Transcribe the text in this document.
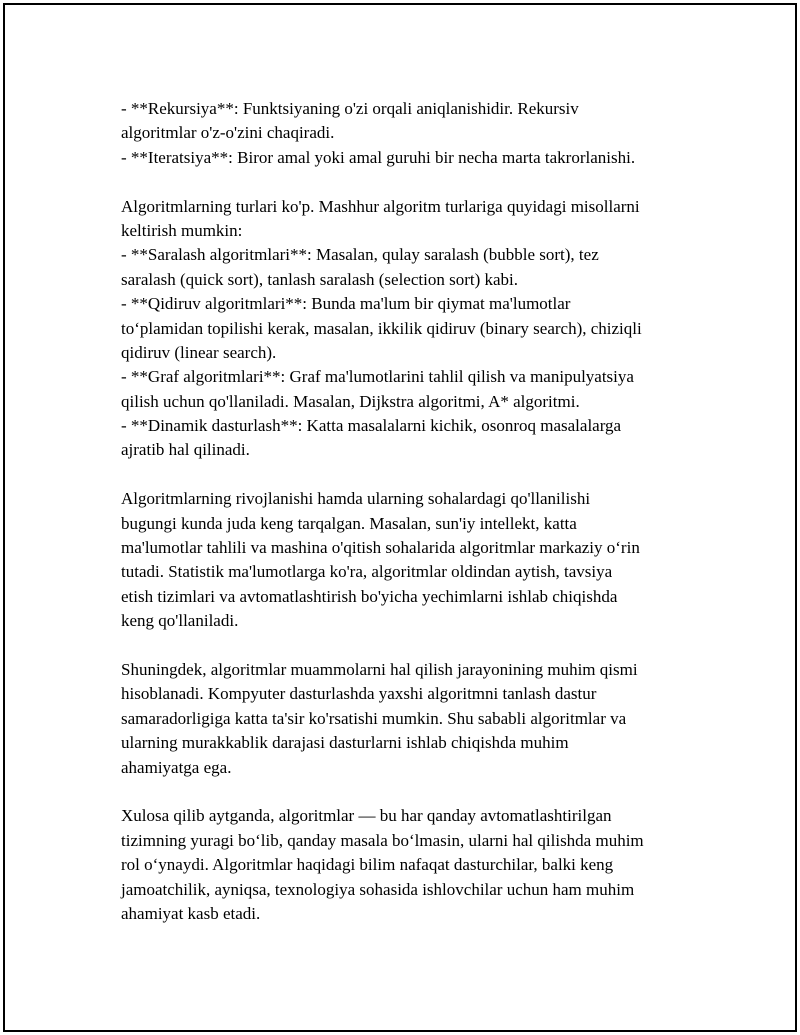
- **Rekursiya**: Funktsiyaning o'zi orqali aniqlanishidir. Rekursiv
algoritmlar o'z-o'zini chaqiradi.
- **Iteratsiya**: Biror amal yoki amal guruhi bir necha marta takrorlanishi.
Algoritmlarning turlari ko'p. Mashhur algoritm turlariga quyidagi misollarni
keltirish mumkin:
- **Saralash algoritmlari**: Masalan, qulay saralash (bubble sort), tez
saralash (quick sort), tanlash saralash (selection sort) kabi.
- **Qidiruv algoritmlari**: Bunda ma'lum bir qiymat ma'lumotlar
to‘plamidan topilishi kerak, masalan, ikkilik qidiruv (binary search), chiziqli
qidiruv (linear search).
- **Graf algoritmlari**: Graf ma'lumotlarini tahlil qilish va manipulyatsiya
qilish uchun qo'llaniladi. Masalan, Dijkstra algoritmi, A* algoritmi.
- **Dinamik dasturlash**: Katta masalalarni kichik, osonroq masalalarga
ajratib hal qilinadi.
Algoritmlarning rivojlanishi hamda ularning sohalardagi qo'llanilishi
bugungi kunda juda keng tarqalgan. Masalan, sun'iy intellekt, katta
ma'lumotlar tahlili va mashina o'qitish sohalarida algoritmlar markaziy o‘rin
tutadi. Statistik ma'lumotlarga ko'ra, algoritmlar oldindan aytish, tavsiya
etish tizimlari va avtomatlashtirish bo'yicha yechimlarni ishlab chiqishda
keng qo'llaniladi.
Shuningdek, algoritmlar muammolarni hal qilish jarayonining muhim qismi
hisoblanadi. Kompyuter dasturlashda yaxshi algoritmni tanlash dastur
samaradorligiga katta ta'sir ko'rsatishi mumkin. Shu sababli algoritmlar va
ularning murakkablik darajasi dasturlarni ishlab chiqishda muhim
ahamiyatga ega.
Xulosa qilib aytganda, algoritmlar — bu har qanday avtomatlashtirilgan
tizimning yuragi bo‘lib, qanday masala bo‘lmasin, ularni hal qilishda muhim
rol o‘ynaydi. Algoritmlar haqidagi bilim nafaqat dasturchilar, balki keng
jamoatchilik, ayniqsa, texnologiya sohasida ishlovchilar uchun ham muhim
ahamiyat kasb etadi.
